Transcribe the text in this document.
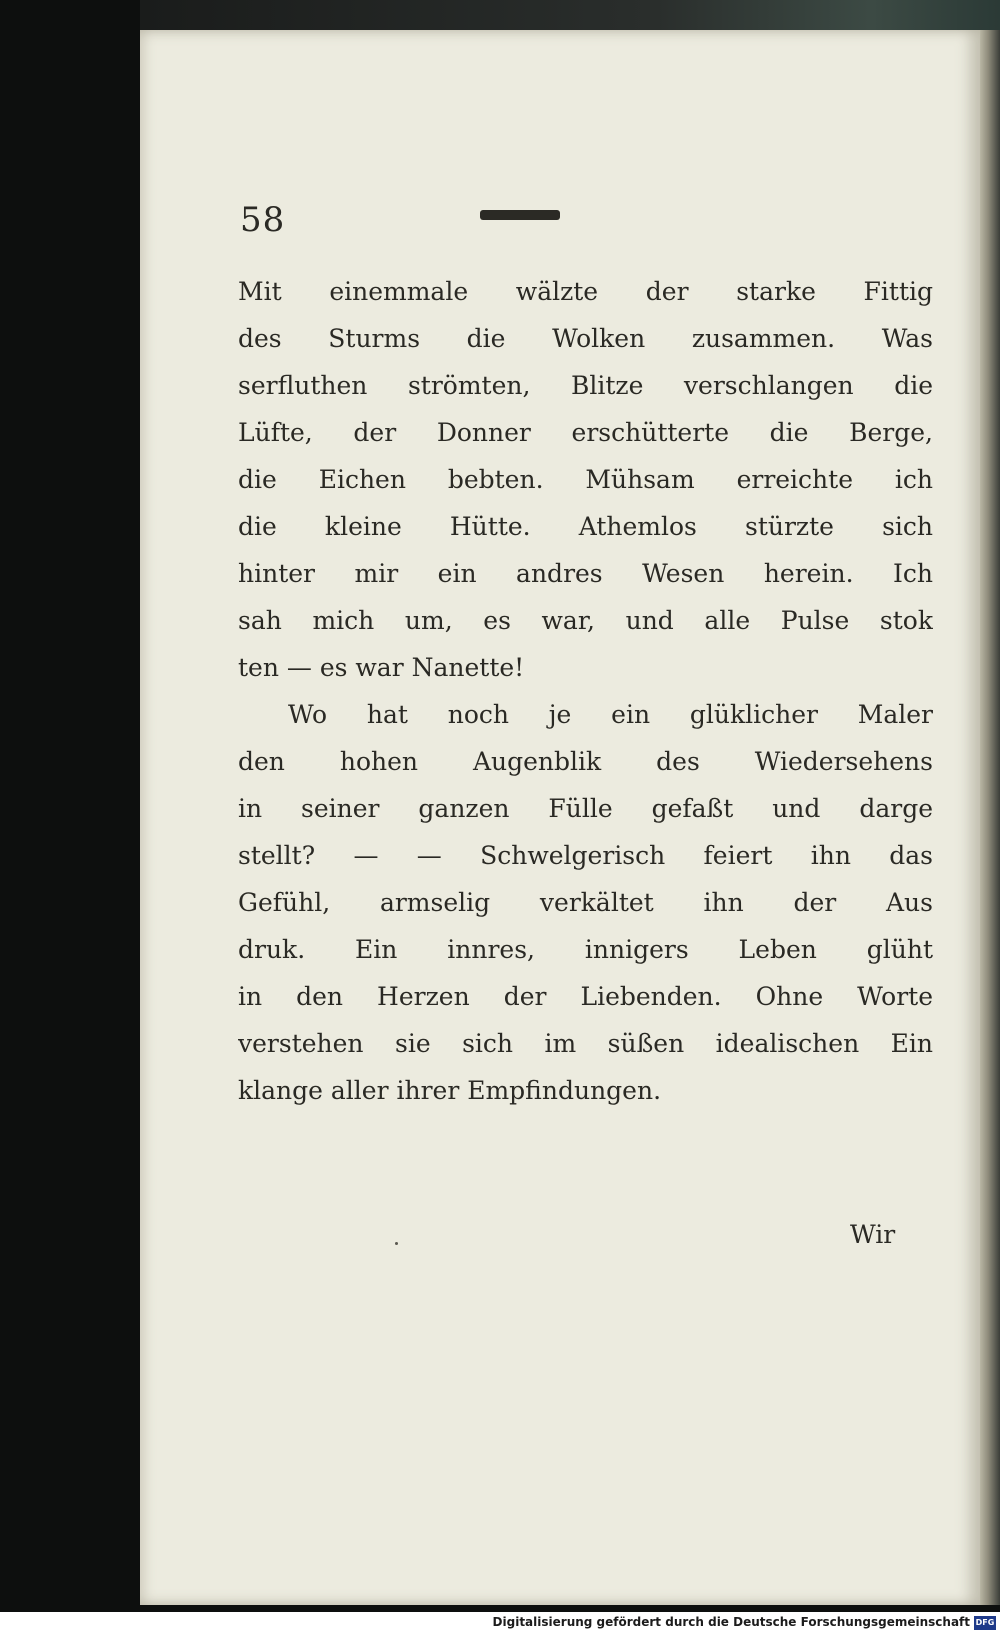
58
Mit einemmale wälzte der starke Fittig
des Sturms die Wolken zusammen. Was
serfluthen strömten, Blitze verschlangen die
Lüfte, der Donner erschütterte die Berge,
die Eichen bebten. Mühsam erreichte ich
die kleine Hütte. Athemlos stürzte sich
hinter mir ein andres Wesen herein. Ich
sah mich um, es war, und alle Pulse stok
ten — es war Nanette!
Wo hat noch je ein glüklicher Maler
den hohen Augenblik des Wiedersehens
in seiner ganzen Fülle gefaßt und darge
stellt? — — Schwelgerisch feiert ihn das
Gefühl, armselig verkältet ihn der Aus
druk. Ein innres, innigers Leben glüht
in den Herzen der Liebenden. Ohne Worte
verstehen sie sich im süßen idealischen Ein
klange aller ihrer Empfindungen.
Wir
Digitalisierung gefördert durch die Deutsche Forschungsgemeinschaft DFG
